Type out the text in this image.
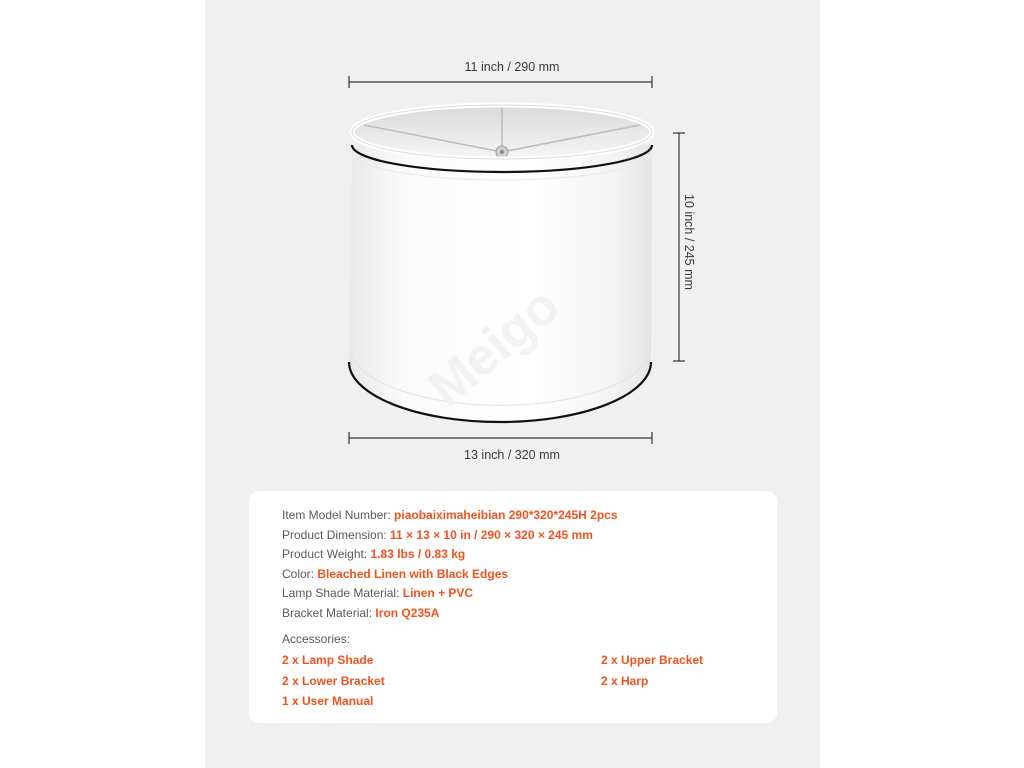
Meigo
11 inch / 290 mm
13 inch / 320 mm
10 inch / 245 mm
Item Model Number: piaobaiximaheibian 290*320*245H 2pcs
Product Dimension: 11 × 13 × 10 in / 290 × 320 × 245 mm
Product Weight: 1.83 lbs / 0.83 kg
Color: Bleached Linen with Black Edges
Lamp Shade Material: Linen + PVC
Bracket Material: Iron Q235A
Accessories:
2 x Lamp Shade	2 x Upper Bracket
2 x Lower Bracket	2 x Harp
1 x User Manual
